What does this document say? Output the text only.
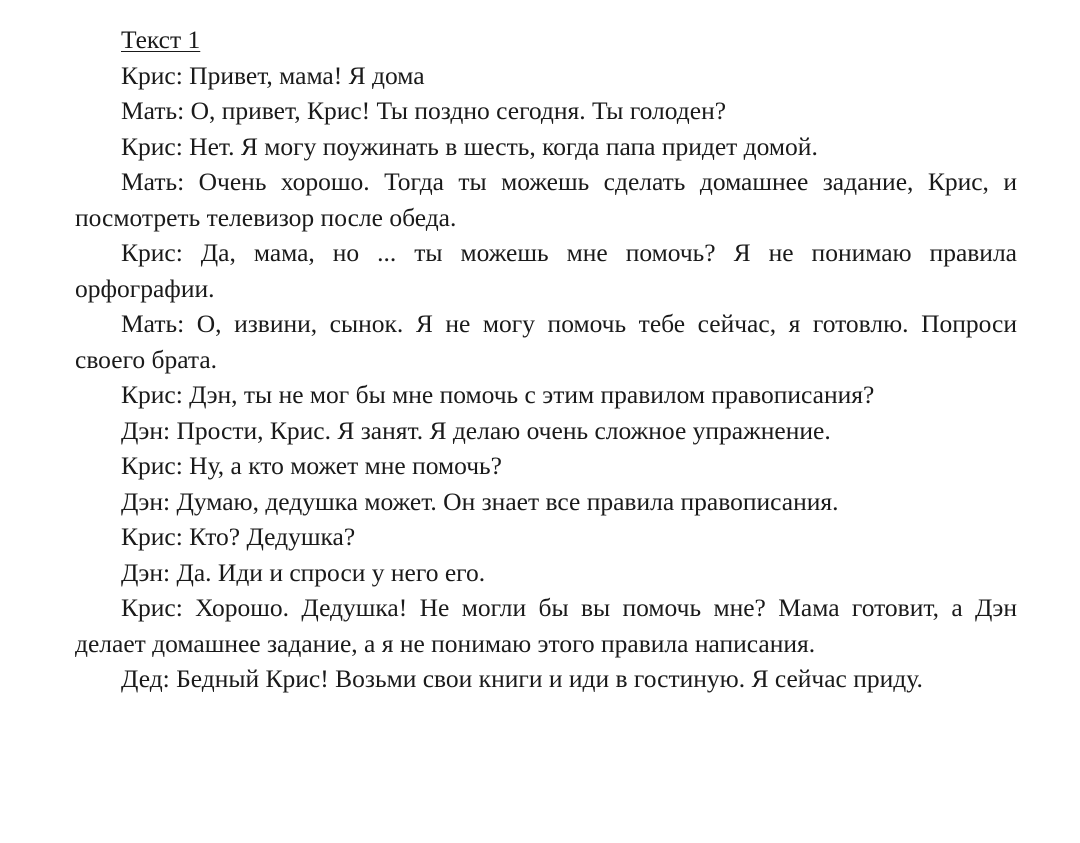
Текст 1

Крис: Привет, мама! Я дома

Мать: О, привет, Крис! Ты поздно сегодня. Ты голоден?

Крис: Нет. Я могу поужинать в шесть, когда папа придет домой.

Мать: Очень хорошо. Тогда ты можешь сделать домашнее задание, Крис, и посмотреть телевизор после обеда.

Крис: Да, мама, но ... ты можешь мне помочь? Я не понимаю правила орфографии.

Мать: О, извини, сынок. Я не могу помочь тебе сейчас, я готовлю. Попроси своего брата.

Крис: Дэн, ты не мог бы мне помочь с этим правилом правописания?

Дэн: Прости, Крис. Я занят. Я делаю очень сложное упражнение.

Крис: Ну, а кто может мне помочь?

Дэн: Думаю, дедушка может. Он знает все правила правописания.

Крис: Кто? Дедушка?

Дэн: Да. Иди и спроси у него его.

Крис: Хорошо. Дедушка! Не могли бы вы помочь мне? Мама готовит, а Дэн делает домашнее задание, а я не понимаю этого правила написания.

Дед: Бедный Крис! Возьми свои книги и иди в гостиную. Я сейчас приду.
